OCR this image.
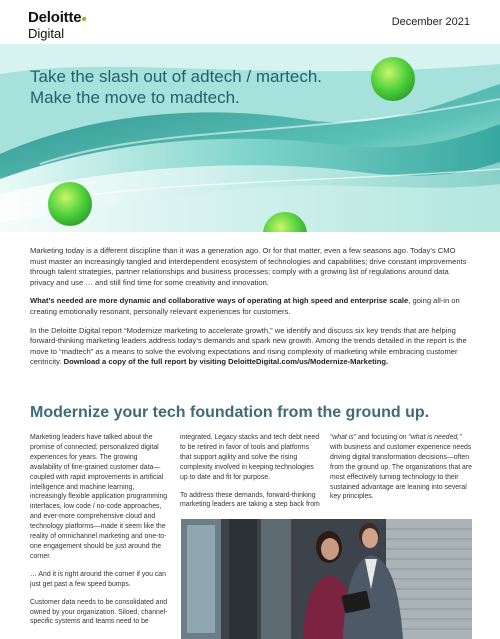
Deloitte
Digital
December 2021
Take the slash out of adtech / martech.
Make the move to madtech.

Marketing today is a different discipline than it was a generation ago. Or for that matter, even a few seasons ago. Today’s CMO must master an increasingly tangled and interdependent ecosystem of technologies and capabilities; drive constant improvements through talent strategies, partner relationships and business processes; comply with a growing list of regulations around data privacy and use … and still find time for some creativity and innovation.

What’s needed are more dynamic and collaborative ways of operating at high speed and enterprise scale, going all-in on creating emotionally resonant, personally relevant experiences for customers.

In the Deloitte Digital report “Modernize marketing to accelerate growth,” we identify and discuss six key trends that are helping forward-thinking marketing leaders address today’s demands and spark new growth. Among the trends detailed in the report is the move to “madtech” as a means to solve the evolving expectations and rising complexity of marketing while embracing customer centricity. Download a copy of the full report by visiting DeloitteDigital.com/us/Modernize-Marketing.

Modernize your tech foundation from the ground up.

Marketing leaders have talked about the promise of connected, personalized digital experiences for years. The growing availability of fine-grained customer data—coupled with rapid improvements in artificial intelligence and machine learning, increasingly flexible application programming interfaces, low code / no-code approaches, and ever-more comprehensive cloud and technology platforms—made it seem like the reality of omnichannel marketing and one-to-one engagement should be just around the corner.

… And it is right around the corner if you can just get past a few speed bumps.

Customer data needs to be consolidated and owned by your organization. Siloed, channel-specific systems and teams need to be

integrated. Legacy stacks and tech debt need to be retired in favor of tools and platforms that support agility and solve the rising complexity involved in keeping technologies up to date and fit for purpose.

To address these demands, forward-thinking marketing leaders are taking a step back from

“what is” and focusing on “what is needed,” with business and customer experience needs driving digital transformation decisions—often from the ground up. The organizations that are most effectively turning technology to their sustained advantage are leaning into several key principles.
